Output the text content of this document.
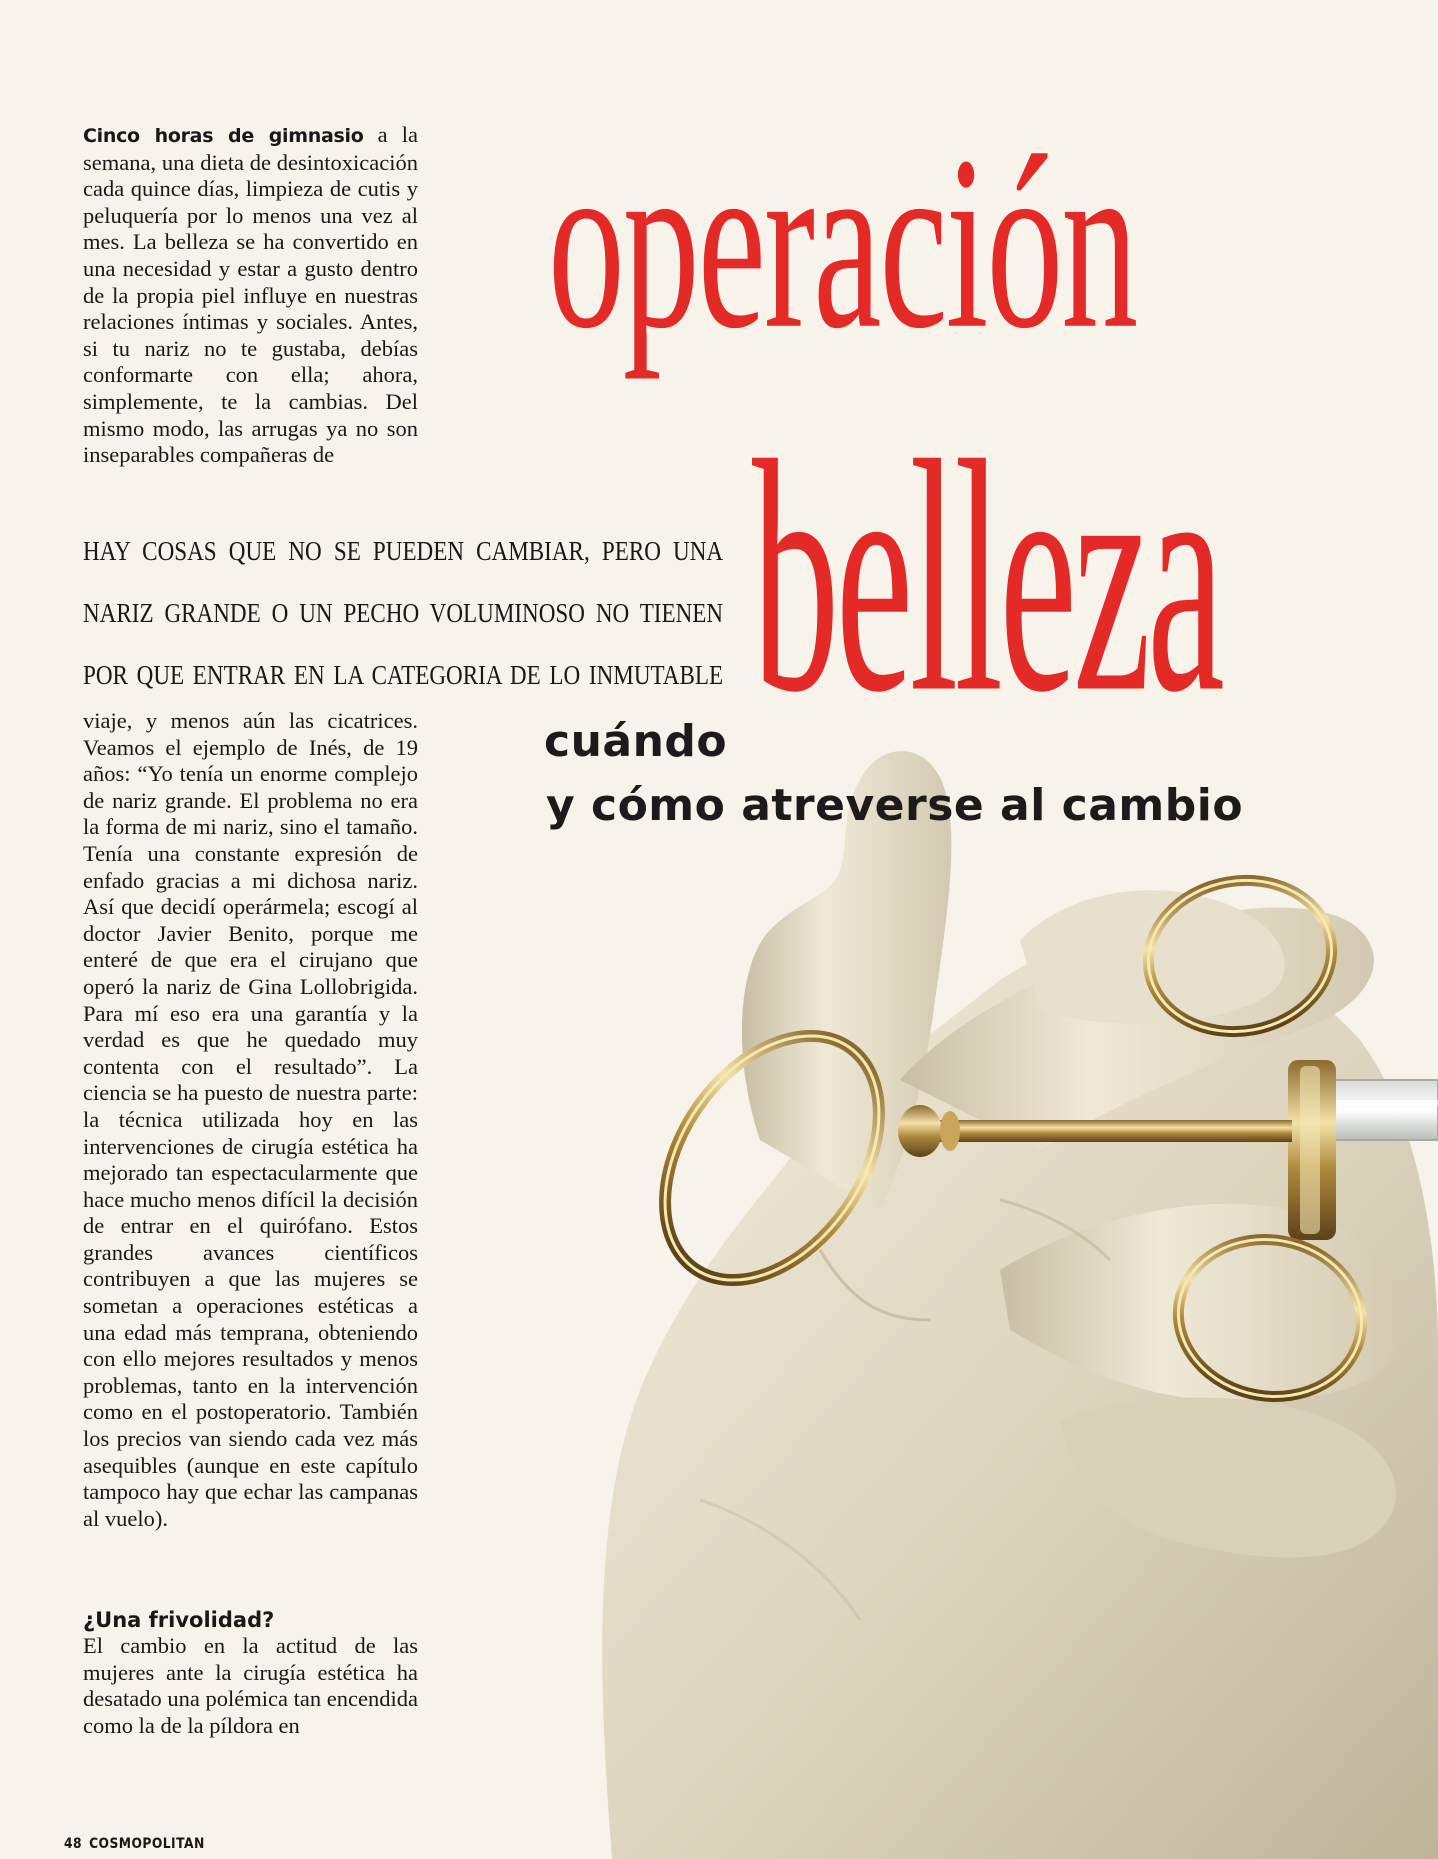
operación
belleza
cuándo
y cómo atreverse al cambio

Cinco horas de gimnasio a la semana, una dieta de desintoxicación cada quince días, limpieza de cutis y peluquería por lo menos una vez al mes. La belleza se ha convertido en una necesidad y estar a gusto dentro de la propia piel influye en nuestras relaciones íntimas y sociales. Antes, si tu nariz no te gustaba, debías conformarte con ella; ahora, simplemente, te la cambias. Del mismo modo, las arrugas ya no son inseparables compañeras de

HAY COSAS QUE NO SE PUEDEN CAMBIAR, PERO UNA NARIZ GRANDE O UN PECHO VOLUMINOSO NO TIENEN POR QUE ENTRAR EN LA CATEGORIA DE LO INMUTABLE

viaje, y menos aún las cicatrices. Veamos el ejemplo de Inés, de 19 años: “Yo tenía un enorme complejo de nariz grande. El problema no era la forma de mi nariz, sino el tamaño. Tenía una constante expresión de enfado gracias a mi dichosa nariz. Así que decidí operármela; escogí al doctor Javier Benito, porque me enteré de que era el cirujano que operó la nariz de Gina Lollobrigida. Para mí eso era una garantía y la verdad es que he quedado muy contenta con el resultado”. La ciencia se ha puesto de nuestra parte: la técnica utilizada hoy en las intervenciones de cirugía estética ha mejorado tan espectacularmente que hace mucho menos difícil la decisión de entrar en el quirófano. Estos grandes avances científicos contribuyen a que las mujeres se sometan a operaciones estéticas a una edad más temprana, obteniendo con ello mejores resultados y menos problemas, tanto en la intervención como en el postoperatorio. También los precios van siendo cada vez más asequibles (aunque en este capítulo tampoco hay que echar las campanas al vuelo).

¿Una frivolidad?

El cambio en la actitud de las mujeres ante la cirugía estética ha desatado una polémica tan encendida como la de la píldora en

48 COSMOPOLITAN
